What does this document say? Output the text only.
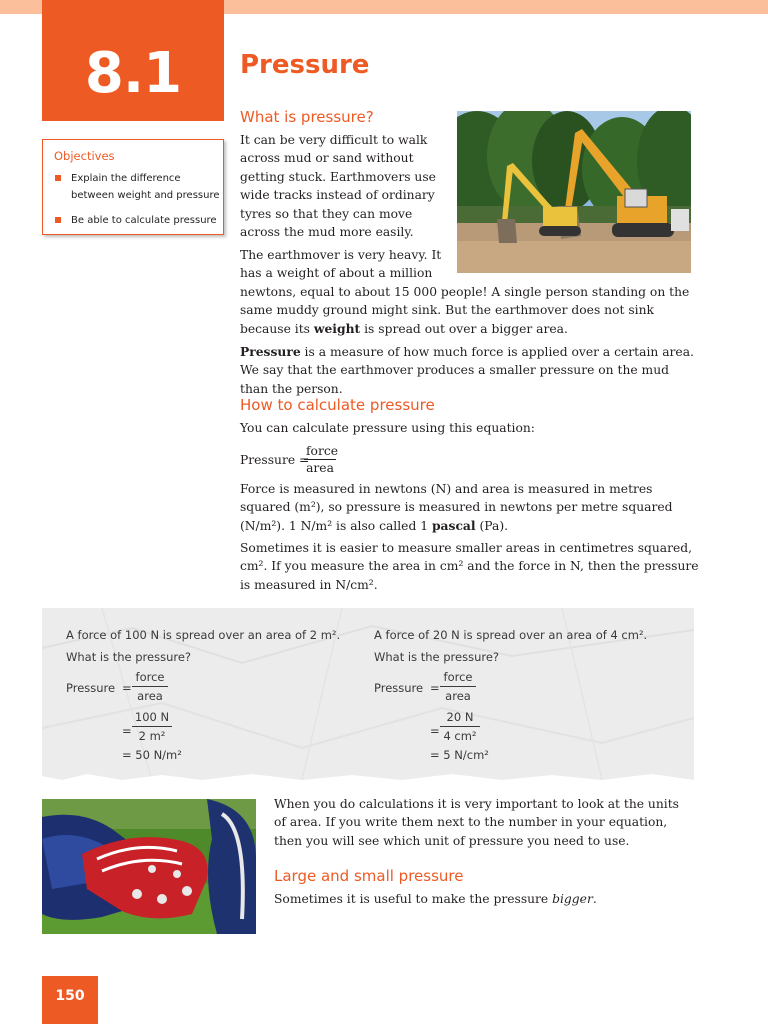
8.1	Pressure
Objectives
Explain the difference between weight and pressure
Be able to calculate pressure
What is pressure?
It can be very difficult to walk across mud or sand without getting stuck. Earthmovers use wide tracks instead of ordinary tyres so that they can move across the mud more easily.
The earthmover is very heavy. It has a weight of about a million
newtons, equal to about 15 000 people! A single person standing on the same muddy ground might sink. But the earthmover does not sink because its weight is spread out over a bigger area.
Pressure is a measure of how much force is applied over a certain area. We say that the earthmover produces a smaller pressure on the mud than the person.
How to calculate pressure
You can calculate pressure using this equation:
Pressure =
force
area
Force is measured in newtons (N) and area is measured in metres squared (m²), so pressure is measured in newtons per metre squared (N/m²). 1 N/m² is also called 1 pascal (Pa).
Sometimes it is easier to measure smaller areas in centimetres squared, cm². If you measure the area in cm² and the force in N, then the pressure is measured in N/cm².
A force of 100 N is spread over an area of 2 m².
What is the pressure?
Pressure =
force
area
= $\frac{100 N}{\text{2 m²}}$
= 50 N/m²
A force of 20 N is spread over an area of 4 cm².
What is the pressure?
Pressure =
force
area
= $\frac{20 N}{\text{4 cm²}}$
= 5 N/cm²
When you do calculations it is very important to look at the units of area. If you write them next to the number in your equation, then you will see which unit of pressure you need to use.
Large and small pressure
Sometimes it is useful to make the pressure bigger.
150
